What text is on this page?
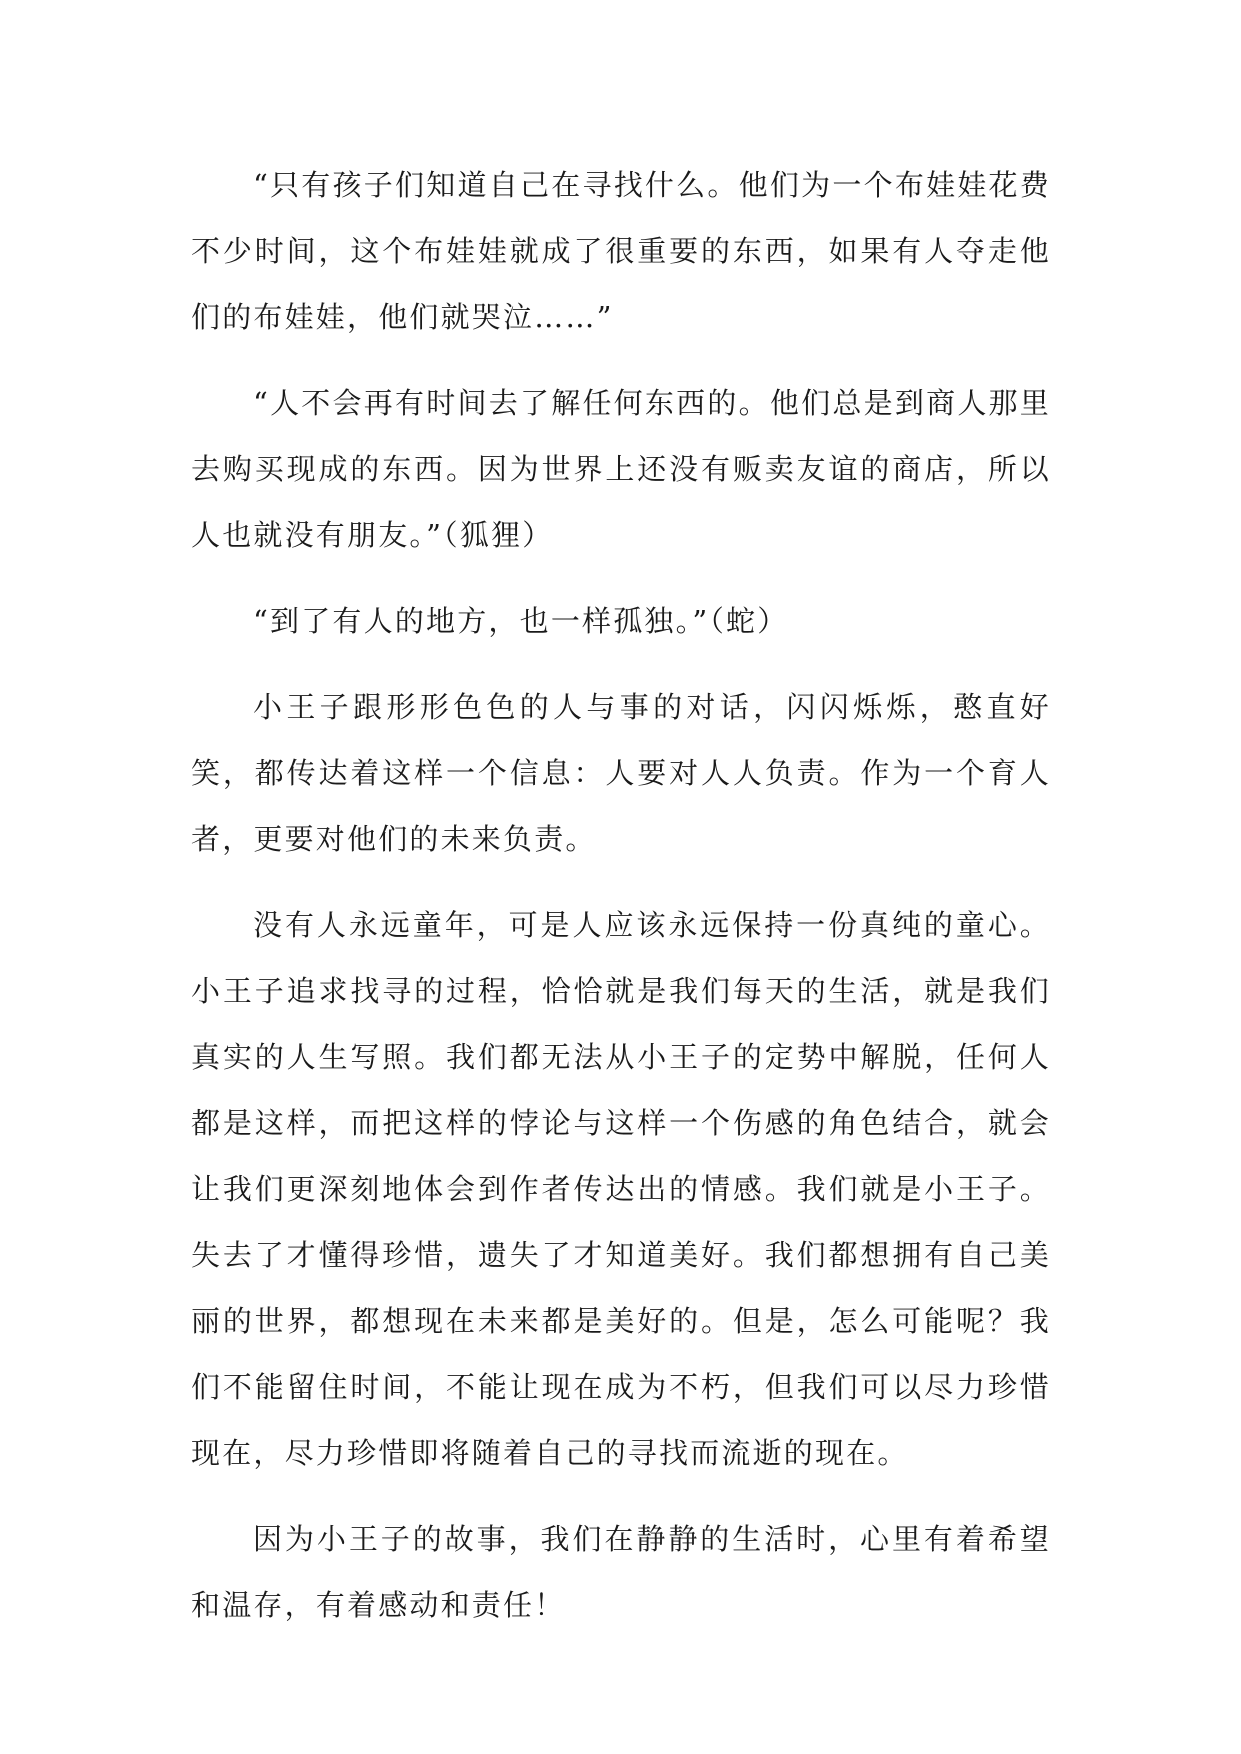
“只有孩子们知道自己在寻找什么。他们为一个布娃娃花费不少时间，这个布娃娃就成了很重要的东西，如果有人夺走他们的布娃娃，他们就哭泣……”

“人不会再有时间去了解任何东西的。他们总是到商人那里去购买现成的东西。因为世界上还没有贩卖友谊的商店，所以人也就没有朋友。”（狐狸）

“到了有人的地方，也一样孤独。”（蛇）

小王子跟形形色色的人与事的对话，闪闪烁烁，憨直好笑，都传达着这样一个信息：人要对人人负责。作为一个育人者，更要对他们的未来负责。

没有人永远童年，可是人应该永远保持一份真纯的童心。小王子追求找寻的过程，恰恰就是我们每天的生活，就是我们真实的人生写照。我们都无法从小王子的定势中解脱，任何人都是这样，而把这样的悖论与这样一个伤感的角色结合，就会让我们更深刻地体会到作者传达出的情感。我们就是小王子。失去了才懂得珍惜，遗失了才知道美好。我们都想拥有自己美丽的世界，都想现在未来都是美好的。但是，怎么可能呢？我们不能留住时间，不能让现在成为不朽，但我们可以尽力珍惜现在，尽力珍惜即将随着自己的寻找而流逝的现在。

因为小王子的故事，我们在静静的生活时，心里有着希望和温存，有着感动和责任！
